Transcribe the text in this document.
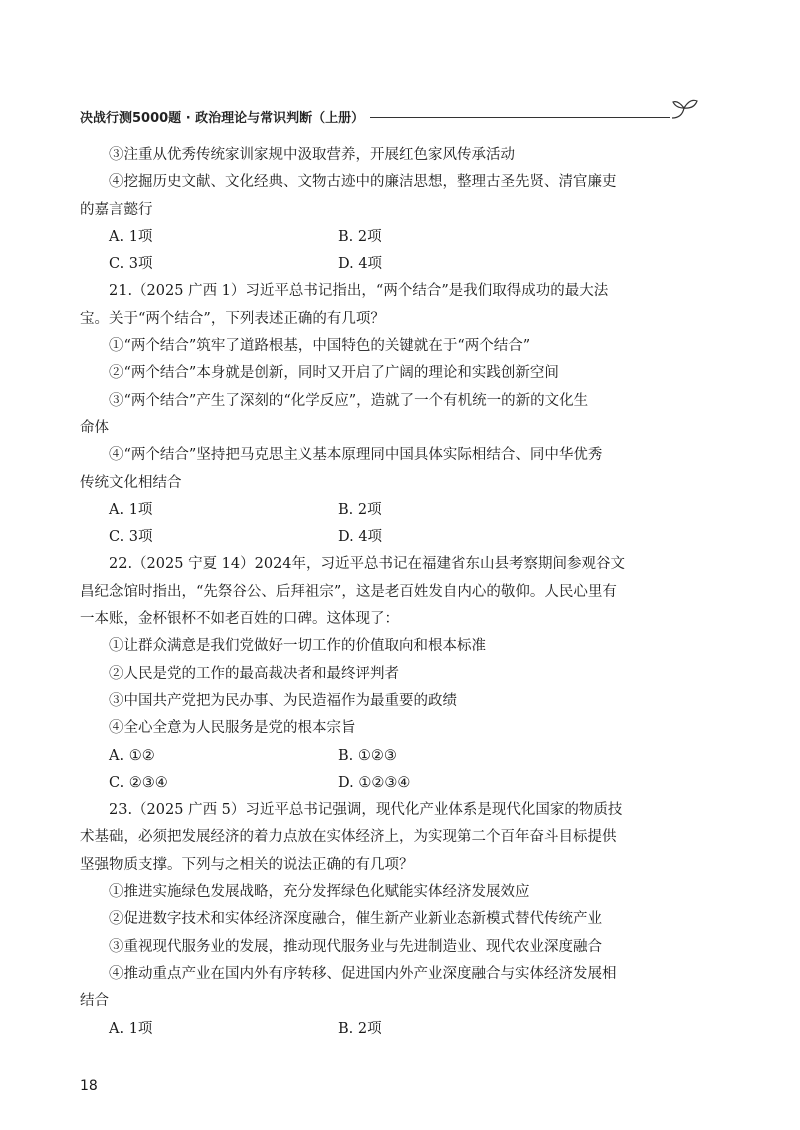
决战行测5000题 · 政治理论与常识判断（上册）
③注重从优秀传统家训家规中汲取营养，开展红色家风传承活动
④挖掘历史文献、文化经典、文物古迹中的廉洁思想，整理古圣先贤、清官廉吏
的嘉言懿行
A. 1项	B. 2项
C. 3项	D. 4项
21.（2025 广西 1）习近平总书记指出，“两个结合”是我们取得成功的最大法
宝。关于“两个结合”，下列表述正确的有几项？
①“两个结合”筑牢了道路根基，中国特色的关键就在于“两个结合”
②“两个结合”本身就是创新，同时又开启了广阔的理论和实践创新空间
③“两个结合”产生了深刻的“化学反应”，造就了一个有机统一的新的文化生
命体
④“两个结合”坚持把马克思主义基本原理同中国具体实际相结合、同中华优秀
传统文化相结合
A. 1项	B. 2项
C. 3项	D. 4项
22.（2025 宁夏 14）2024年，习近平总书记在福建省东山县考察期间参观谷文
昌纪念馆时指出，“先祭谷公、后拜祖宗”，这是老百姓发自内心的敬仰。人民心里有
一本账，金杯银杯不如老百姓的口碑。这体现了：
①让群众满意是我们党做好一切工作的价值取向和根本标准
②人民是党的工作的最高裁决者和最终评判者
③中国共产党把为民办事、为民造福作为最重要的政绩
④全心全意为人民服务是党的根本宗旨
A. ①②	B. ①②③
C. ②③④	D. ①②③④
23.（2025 广西 5）习近平总书记强调，现代化产业体系是现代化国家的物质技
术基础，必须把发展经济的着力点放在实体经济上，为实现第二个百年奋斗目标提供
坚强物质支撑。下列与之相关的说法正确的有几项？
①推进实施绿色发展战略，充分发挥绿色化赋能实体经济发展效应
②促进数字技术和实体经济深度融合，催生新产业新业态新模式替代传统产业
③重视现代服务业的发展，推动现代服务业与先进制造业、现代农业深度融合
④推动重点产业在国内外有序转移、促进国内外产业深度融合与实体经济发展相
结合
A. 1项	B. 2项
18
